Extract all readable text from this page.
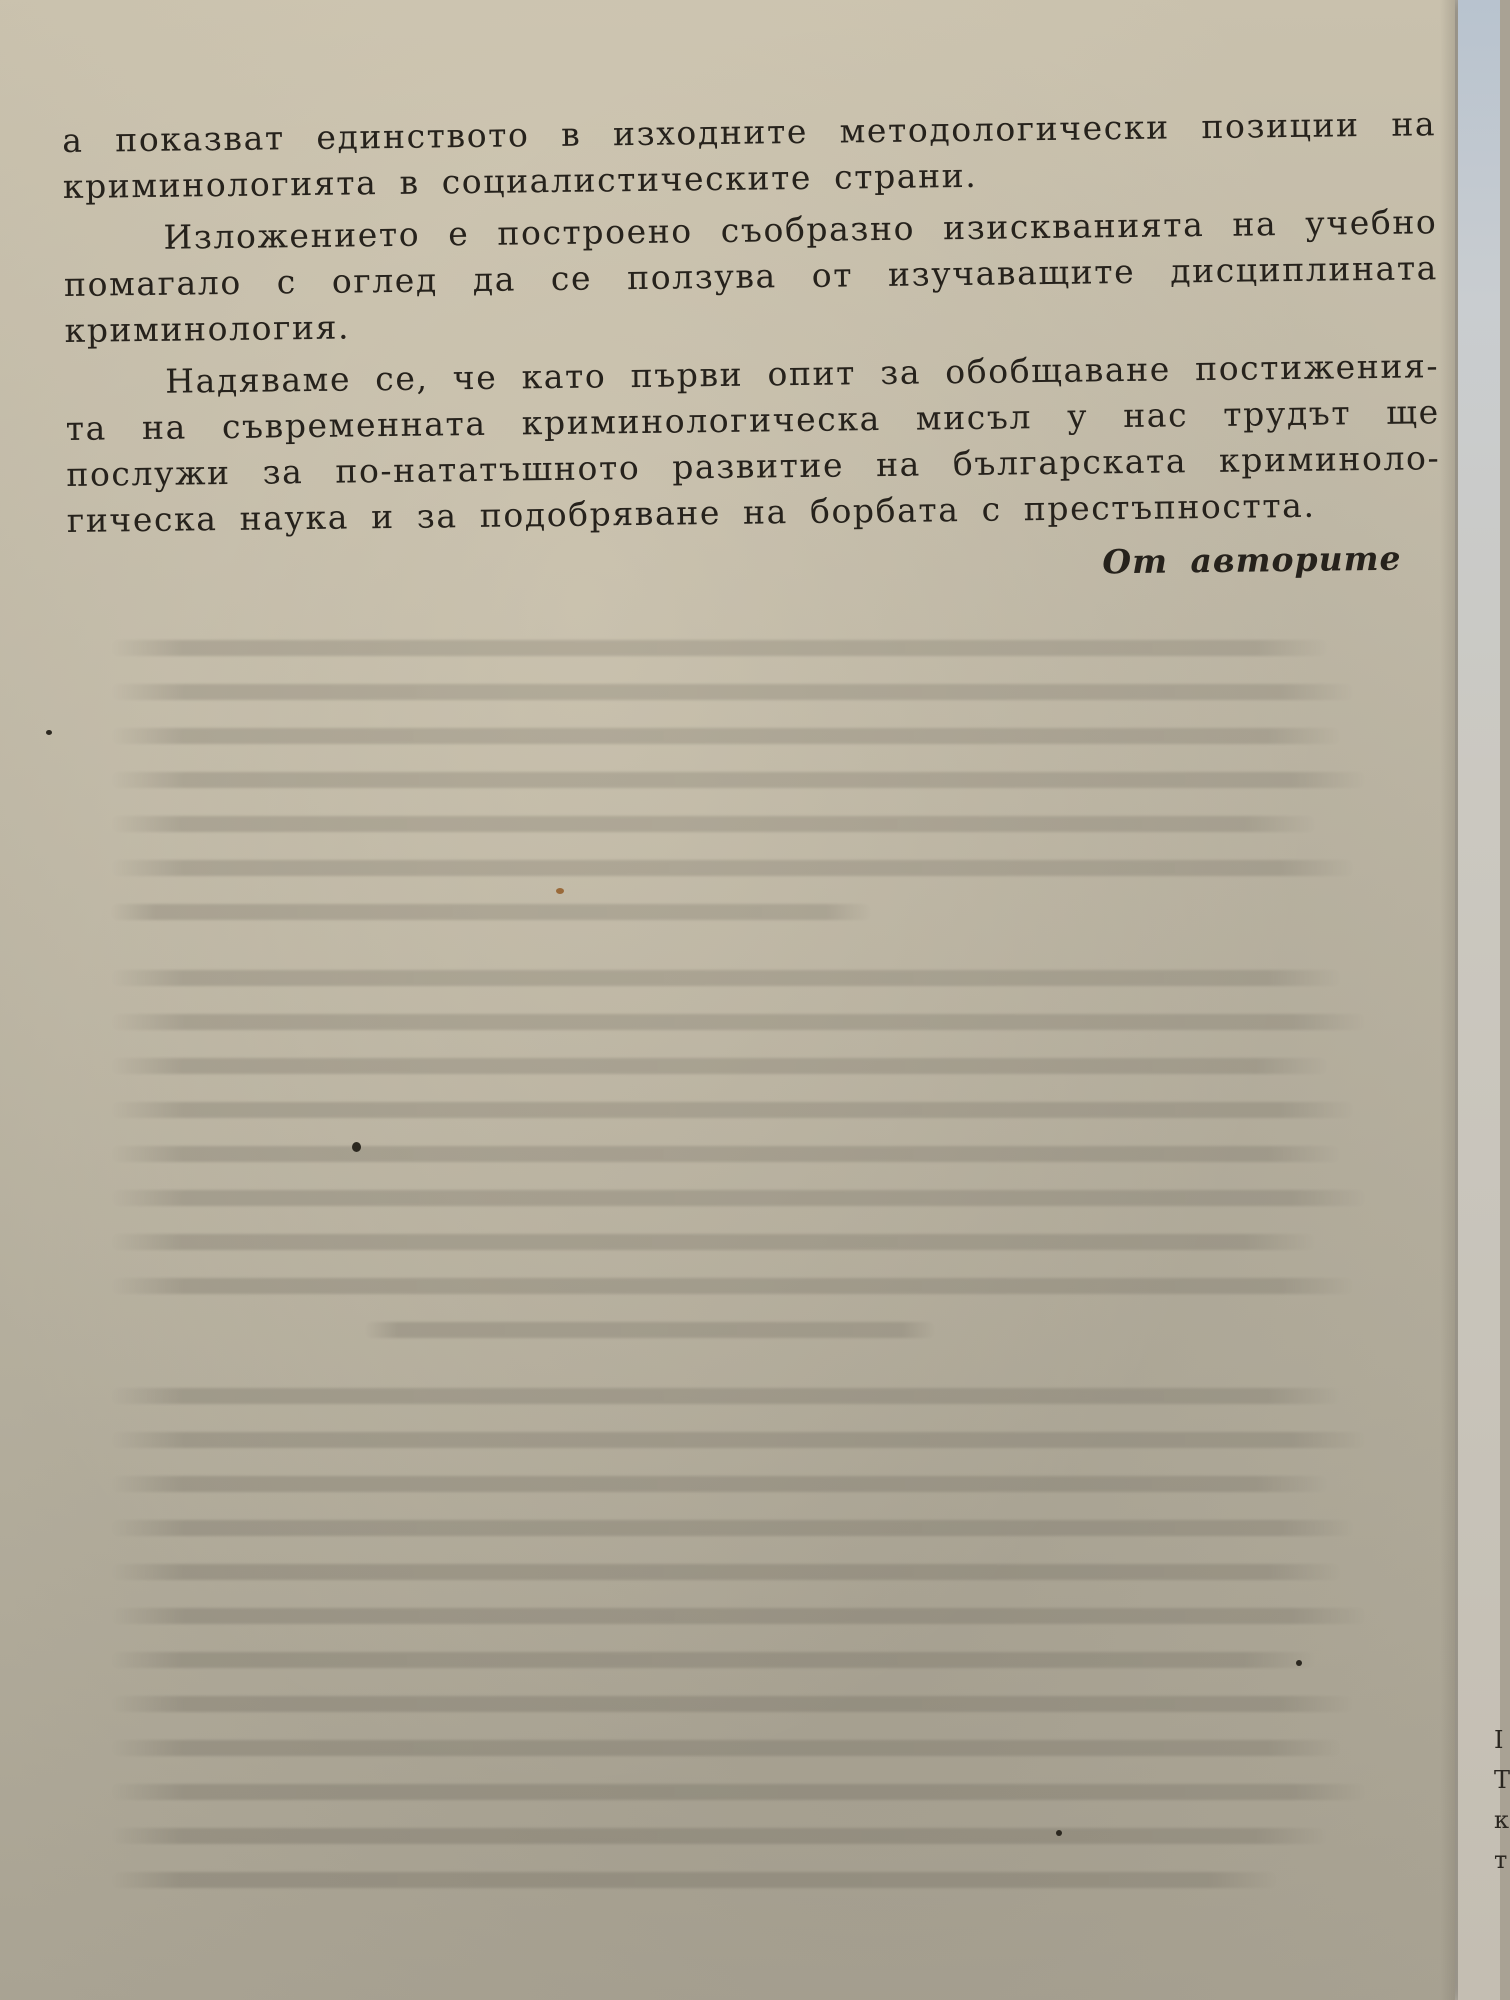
а показват единството в изходните методологически позиции на
криминологията в социалистическите страни.
Изложението е построено съобразно изискванията на учебно
помагало с оглед да се ползува от изучаващите дисциплината
криминология.
Надяваме се, че като първи опит за обобщаване постижения-
та на съвременната криминологическа мисъл у нас трудът ще
послужи за по-нататъшното развитие на българската криминоло-
гическа наука и за подобряване на борбата с престъпността.
От авторите
I
Т
к
т
